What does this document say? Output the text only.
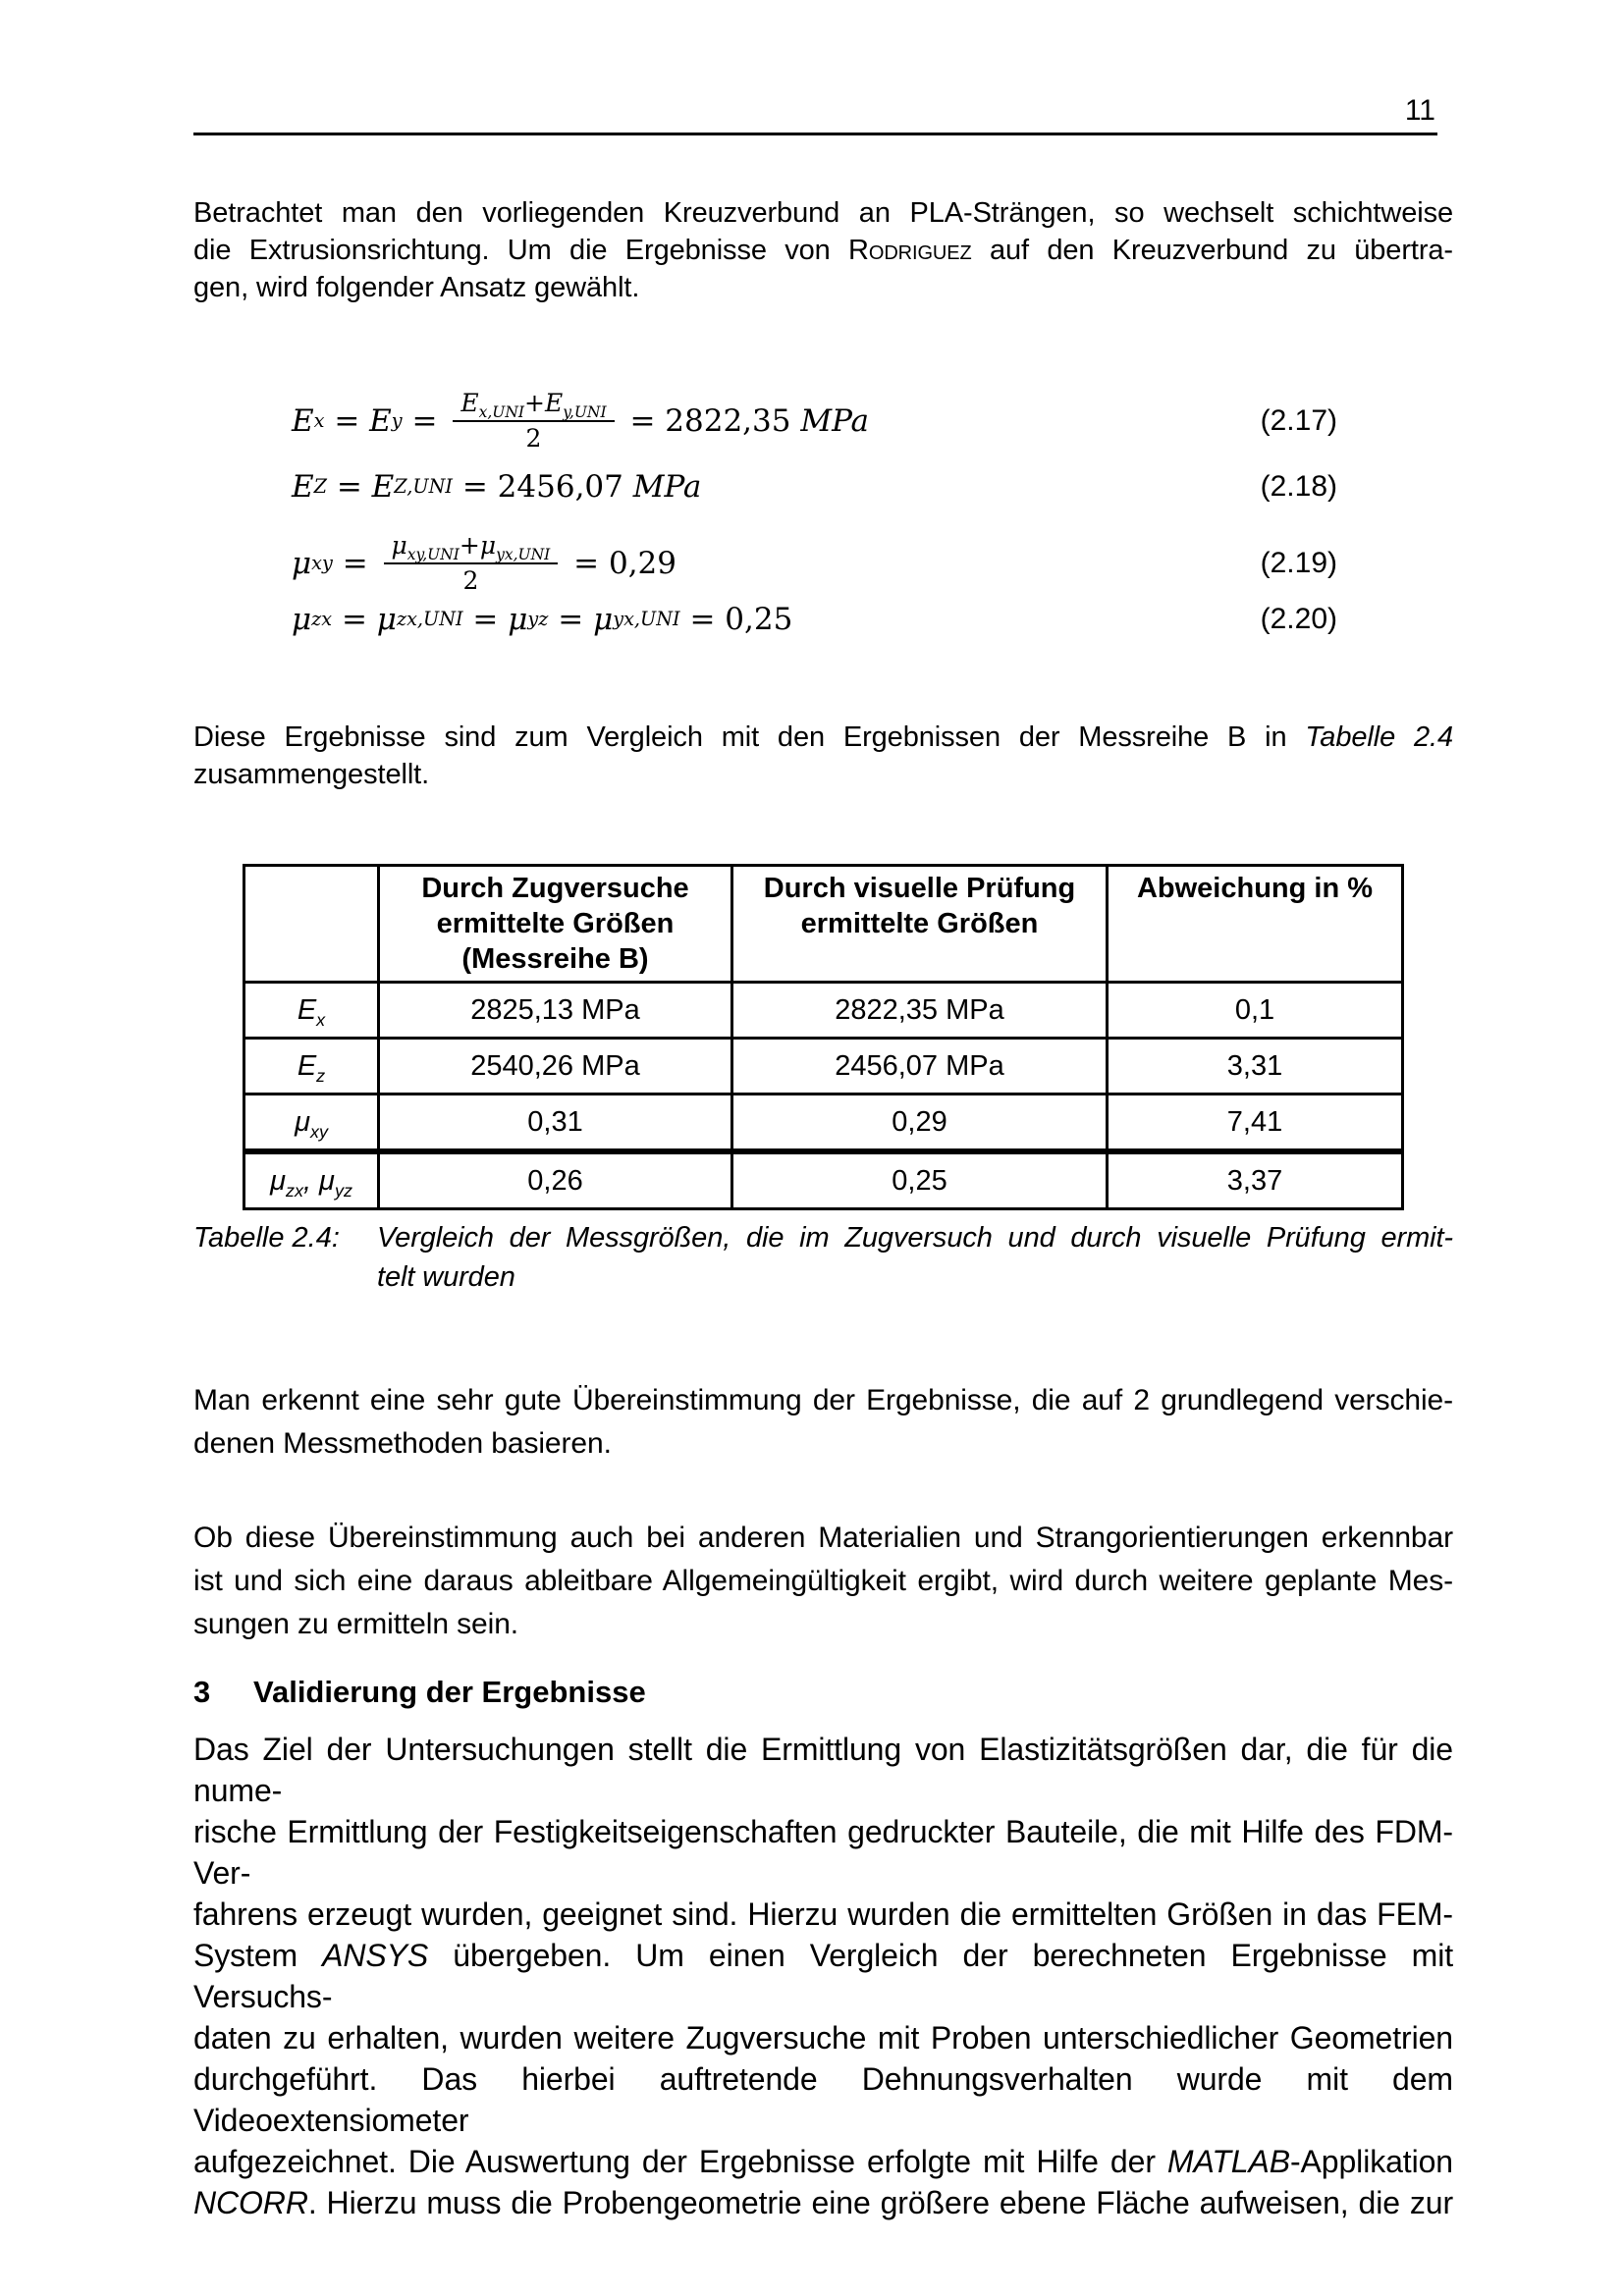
11
Betrachtet man den vorliegenden Kreuzverbund an PLA-Strängen, so wechselt schichtweise
die Extrusionsrichtung. Um die Ergebnisse von Rodriguez auf den Kreuzverbund zu übertra-
gen, wird folgender Ansatz gewählt.
E x = E $y = \frac{E_{x,UNI}+E_{y,UNI}}{2} = 2822,35$ MPa	(2.17)
E Z = E Z,UNI = 2456,07 MPa	(2.18)
μ xy = $\frac{\mu_{xy,UNI}+\mu_{yx,UNI}}{2} = 0,29$	(2.19)
μ zx = μ zx,UNI = μ yz = μ yx,UNI = 0,25	(2.20)
Diese Ergebnisse sind zum Vergleich mit den Ergebnissen der Messreihe B in Tabelle 2.4
zusammengestellt.
	Durch Zugversuche ermittelte Größen (Messreihe B)	Durch visuelle Prüfung ermittelte Größen	Abweichung in %
$E_x$	2825,13 MPa	2822,35 MPa	0,1
$E_z$	2540,26 MPa	2456,07 MPa	3,31
$\mu_{xy}$	0,31	0,29	7,41
$\mu_{zx}$, $\mu_{yz}$	0,26	0,25	3,37
Tabelle 2.4:	Vergleich der Messgrößen, die im Zugversuch und durch visuelle Prüfung ermit-
telt wurden
Man erkennt eine sehr gute Übereinstimmung der Ergebnisse, die auf 2 grundlegend verschie-
denen Messmethoden basieren.
Ob diese Übereinstimmung auch bei anderen Materialien und Strangorientierungen erkennbar
ist und sich eine daraus ableitbare Allgemeingültigkeit ergibt, wird durch weitere geplante Mes-
sungen zu ermitteln sein.
3 Validierung der Ergebnisse
Das Ziel der Untersuchungen stellt die Ermittlung von Elastizitätsgrößen dar, die für die nume-
rische Ermittlung der Festigkeitseigenschaften gedruckter Bauteile, die mit Hilfe des FDM-Ver-
fahrens erzeugt wurden, geeignet sind. Hierzu wurden die ermittelten Größen in das FEM-
System ANSYS übergeben. Um einen Vergleich der berechneten Ergebnisse mit Versuchs-
daten zu erhalten, wurden weitere Zugversuche mit Proben unterschiedlicher Geometrien
durchgeführt. Das hierbei auftretende Dehnungsverhalten wurde mit dem Videoextensiometer
aufgezeichnet. Die Auswertung der Ergebnisse erfolgte mit Hilfe der MATLAB-Applikation
NCORR. Hierzu muss die Probengeometrie eine größere ebene Fläche aufweisen, die zur
